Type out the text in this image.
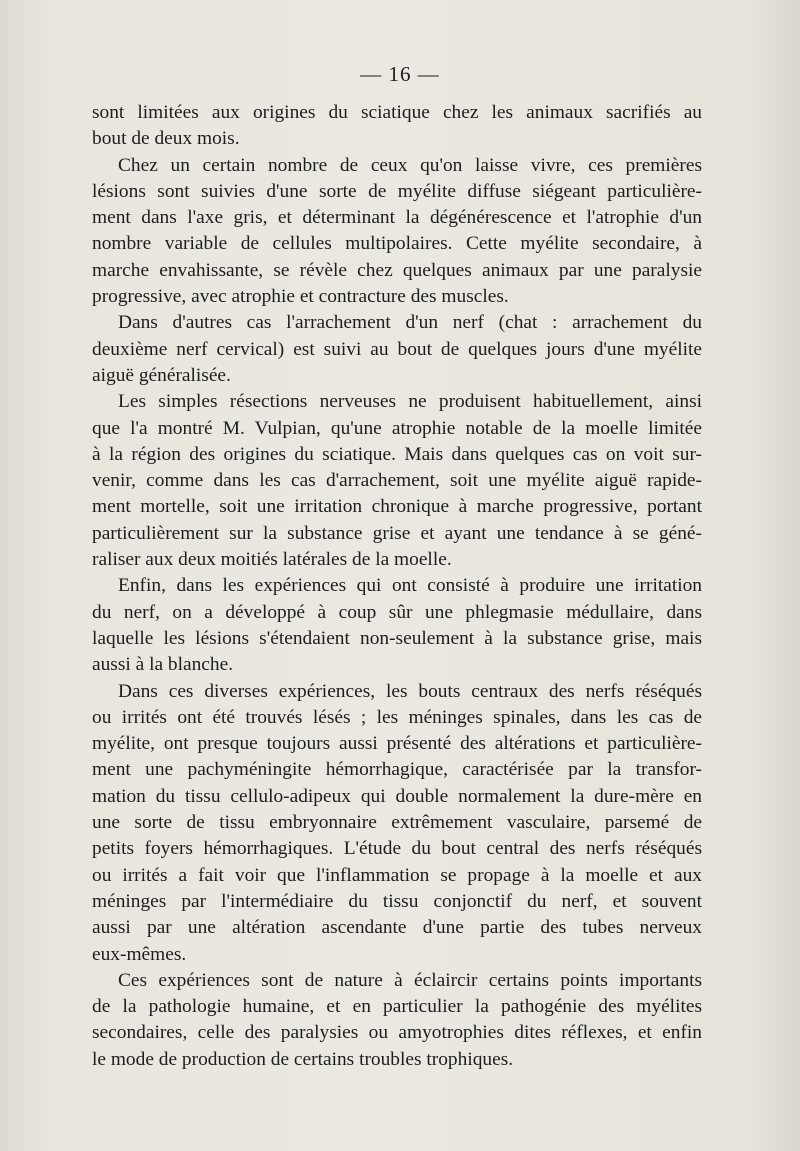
— 16 —
sont limitées aux origines du sciatique chez les animaux sacrifiés au
bout de deux mois.
Chez un certain nombre de ceux qu'on laisse vivre, ces premières
lésions sont suivies d'une sorte de myélite diffuse siégeant particulière-
ment dans l'axe gris, et déterminant la dégénérescence et l'atrophie d'un
nombre variable de cellules multipolaires. Cette myélite secondaire, à
marche envahissante, se révèle chez quelques animaux par une paralysie
progressive, avec atrophie et contracture des muscles.
Dans d'autres cas l'arrachement d'un nerf (chat : arrachement du
deuxième nerf cervical) est suivi au bout de quelques jours d'une myélite
aiguë généralisée.
Les simples résections nerveuses ne produisent habituellement, ainsi
que l'a montré M. Vulpian, qu'une atrophie notable de la moelle limitée
à la région des origines du sciatique. Mais dans quelques cas on voit sur-
venir, comme dans les cas d'arrachement, soit une myélite aiguë rapide-
ment mortelle, soit une irritation chronique à marche progressive, portant
particulièrement sur la substance grise et ayant une tendance à se géné-
raliser aux deux moitiés latérales de la moelle.
Enfin, dans les expériences qui ont consisté à produire une irritation
du nerf, on a développé à coup sûr une phlegmasie médullaire, dans
laquelle les lésions s'étendaient non-seulement à la substance grise, mais
aussi à la blanche.
Dans ces diverses expériences, les bouts centraux des nerfs réséqués
ou irrités ont été trouvés lésés ; les méninges spinales, dans les cas de
myélite, ont presque toujours aussi présenté des altérations et particulière-
ment une pachyméningite hémorrhagique, caractérisée par la transfor-
mation du tissu cellulo-adipeux qui double normalement la dure-mère en
une sorte de tissu embryonnaire extrêmement vasculaire, parsemé de
petits foyers hémorrhagiques. L'étude du bout central des nerfs réséqués
ou irrités a fait voir que l'inflammation se propage à la moelle et aux
méninges par l'intermédiaire du tissu conjonctif du nerf, et souvent
aussi par une altération ascendante d'une partie des tubes nerveux
eux-mêmes.
Ces expériences sont de nature à éclaircir certains points importants
de la pathologie humaine, et en particulier la pathogénie des myélites
secondaires, celle des paralysies ou amyotrophies dites réflexes, et enfin
le mode de production de certains troubles trophiques.
